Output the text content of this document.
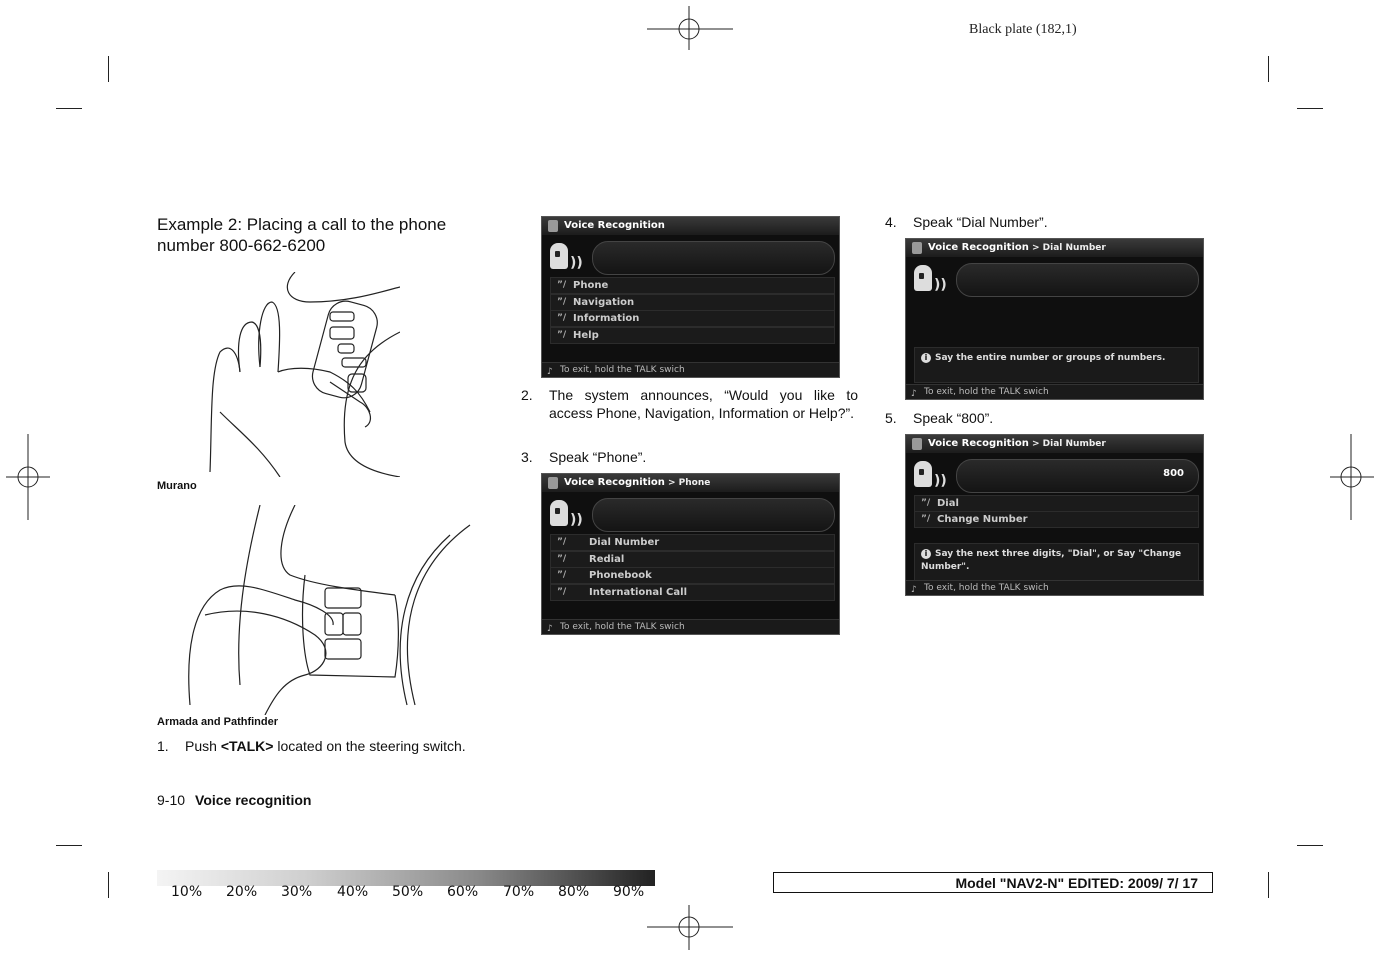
Black plate (182,1)
Example 2: Placing a call to the phone number 800-662-6200
Murano
Armada and Pathfinder
1. Push <TALK> located on the steering switch.
9-10 Voice recognition
Voice Recognition
))
”/ Phone
”/ Navigation
”/ Information
”/ Help
♪ To exit, hold the TALK swich
2. The system announces, “Would you like to access Phone, Navigation, Information or Help?”.
3. Speak “Phone”.
Voice Recognition > Phone
))
”/ Dial Number
”/ Redial
”/ Phonebook
”/ International Call
♪ To exit, hold the TALK swich
4. Speak “Dial Number”.
Voice Recognition > Dial Number
))
i Say the entire number or groups of numbers.
♪ To exit, hold the TALK swich
5. Speak “800”.
Voice Recognition > Dial Number
))	800
”/ Dial
”/ Change Number
i Say the next three digits, "Dial", or Say "Change Number".
♪ To exit, hold the TALK swich
10% 20% 30% 40% 50% 60% 70% 80% 90%
Model "NAV2-N" EDITED: 2009/ 7/ 17
